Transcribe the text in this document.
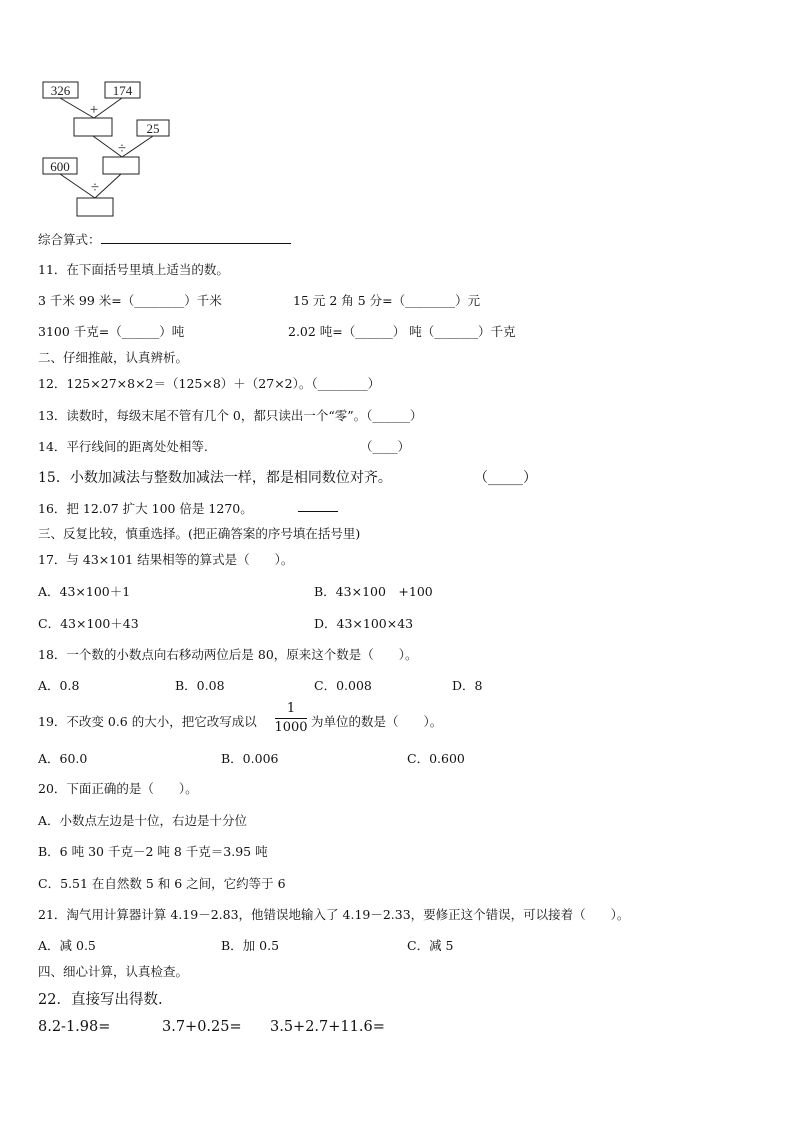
326	174
+
25
÷
600
÷
综合算式：
11．在下面括号里填上适当的数。
3 千米 99 米=（________）千米	15 元 2 角 5 分=（________）元
3100 千克=（______）吨	2.02 吨=（______） 吨（_______）千克
二、仔细推敲，认真辨析。
12．125×27×8×2＝（125×8）＋（27×2）。（________）
13．读数时，每级末尾不管有几个 0，都只读出一个“零”。（______）
14．平行线间的距离处处相等.	（____）
15．小数加减法与整数加减法一样，都是相同数位对齐。	（_____）
16．把 12.07 扩大 100 倍是 1270。
三、反复比较，慎重选择。(把正确答案的序号填在括号里)
17．与 43×101 结果相等的算式是（　　）。
A．43×100＋1	B．43×100　+100
C．43×100＋43	D．43×100×43
18．一个数的小数点向右移动两位后是 80，原来这个数是（　　）。
A．0.8	B．0.08	C．0.008	D．8
19．不改变 0.6 的大小，把它改写成以
1
1000 为单位的数是（　　）。
A．60.0	B．0.006	C．0.600
20．下面正确的是（　　）。
A．小数点左边是十位，右边是十分位
B．6 吨 30 千克－2 吨 8 千克＝3.95 吨
C．5.51 在自然数 5 和 6 之间，它约等于 6
21．淘气用计算器计算 4.19－2.83，他错误地输入了 4.19－2.33，要修正这个错误，可以接着（　　）。
A．减 0.5	B．加 0.5	C．减 5
四、细心计算，认真检查。
22．直接写出得数.
8.2-1.98=	3.7+0.25= 3.5+2.7+11.6=
